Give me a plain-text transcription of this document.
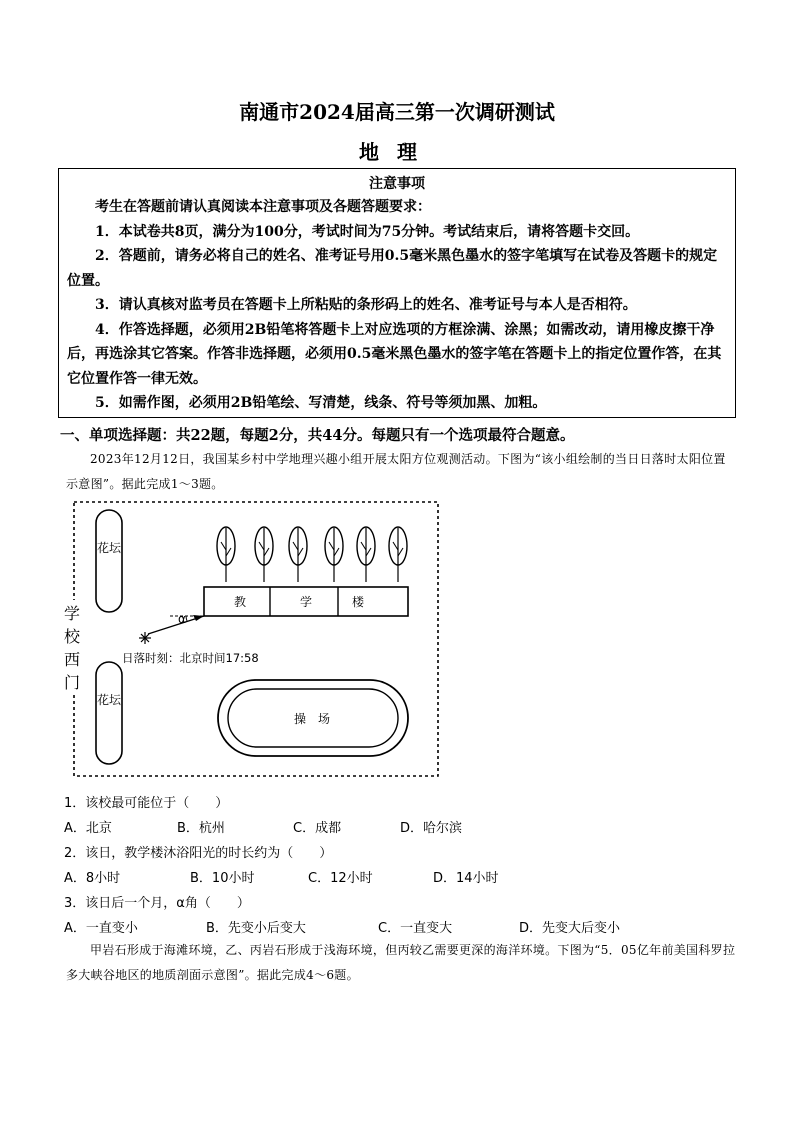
南通市2024届高三第一次调研测试
地理
注意事项

考生在答题前请认真阅读本注意事项及各题答题要求：

1．本试卷共8页，满分为100分，考试时间为75分钟。考试结束后，请将答题卡交回。

2．答题前，请务必将自己的姓名、准考证号用0.5毫米黑色墨水的签字笔填写在试卷及答题卡的规定位置。

3．请认真核对监考员在答题卡上所粘贴的条形码上的姓名、准考证号与本人是否相符。

4．作答选择题，必须用2B铅笔将答题卡上对应选项的方框涂满、涂黑；如需改动，请用橡皮擦干净后，再选涂其它答案。作答非选择题，必须用0.5毫米黑色墨水的签字笔在答题卡上的指定位置作答，在其它位置作答一律无效。

5．如需作图，必须用2B铅笔绘、写清楚，线条、符号等须加黑、加粗。

一、单项选择题：共22题，每题2分，共44分。每题只有一个选项最符合题意。
2023年12月12日，我国某乡村中学地理兴趣小组开展太阳方位观测活动。下图为“该小组绘制的当日日落时太阳位置示意图”。据此完成1～3题。
花坛
花坛
教	学	楼
α
日落时刻：北京时间17:58
操　场
学校西门
1．该校最可能位于（　　）
A．北京	B．杭州	C．成都	D．哈尔滨
2．该日，教学楼沐浴阳光的时长约为（　　）
A．8小时	B．10小时	C．12小时	D．14小时
3．该日后一个月，α角（　　）
A．一直变小	B．先变小后变大	C．一直变大	D．先变大后变小
甲岩石形成于海滩环境，乙、丙岩石形成于浅海环境，但丙较乙需要更深的海洋环境。下图为“5．05亿年前美国科罗拉多大峡谷地区的地质剖面示意图”。据此完成4～6题。
